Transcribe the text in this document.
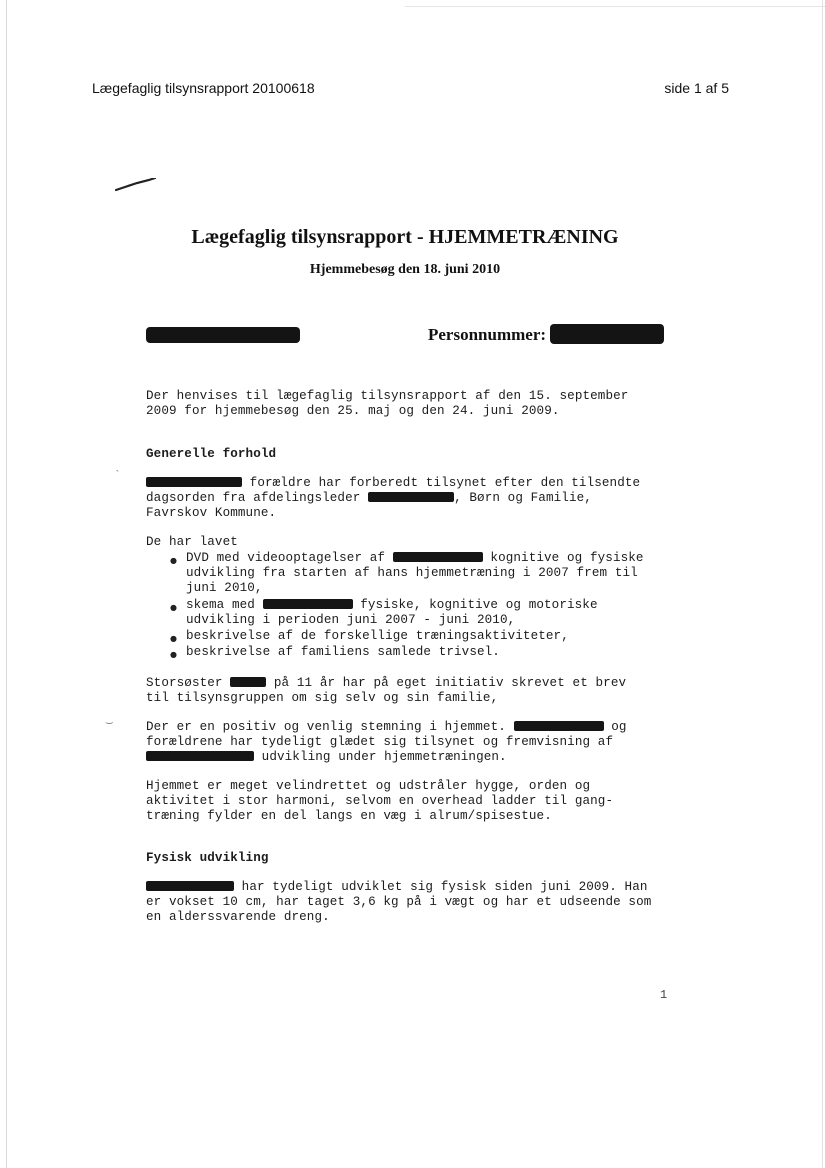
Lægefaglig tilsynsrapport 20100618	side 1 af 5
Lægefaglig tilsynsrapport - HJEMMETRÆNING
Hjemmebesøg den 18. juni 2010
Personnummer:
Der henvises til lægefaglig tilsynsrapport af den 15. september
2009 for hjemmebesøg den 25. maj og den 24. juni 2009.
Generelle forhold
forældre har forberedt tilsynet efter den tilsendte
dagsorden fra afdelingsleder	, Børn og Familie,
Favrskov Kommune.
De har lavet
● DVD med videooptagelser af	kognitive og fysiske
udvikling fra starten af hans hjemmetræning i 2007 frem til
juni 2010,
● skema med	fysiske, kognitive og motoriske
udvikling i perioden juni 2007 - juni 2010,
● beskrivelse af de forskellige træningsaktiviteter,
● beskrivelse af familiens samlede trivsel.
Storsøster	på 11 år har på eget initiativ skrevet et brev
til tilsynsgruppen om sig selv og sin familie,
Der er en positiv og venlig stemning i hjemmet.	og
forældrene har tydeligt glædet sig tilsynet og fremvisning af
udvikling under hjemmetræningen.
Hjemmet er meget velindrettet og udstråler hygge, orden og
aktivitet i stor harmoni, selvom en overhead ladder til gang-
træning fylder en del langs en væg i alrum/spisestue.
Fysisk udvikling
har tydeligt udviklet sig fysisk siden juni 2009. Han
er vokset 10 cm, har taget 3,6 kg på i vægt og har et udseende som
en alderssvarende dreng.
`
‿
1
